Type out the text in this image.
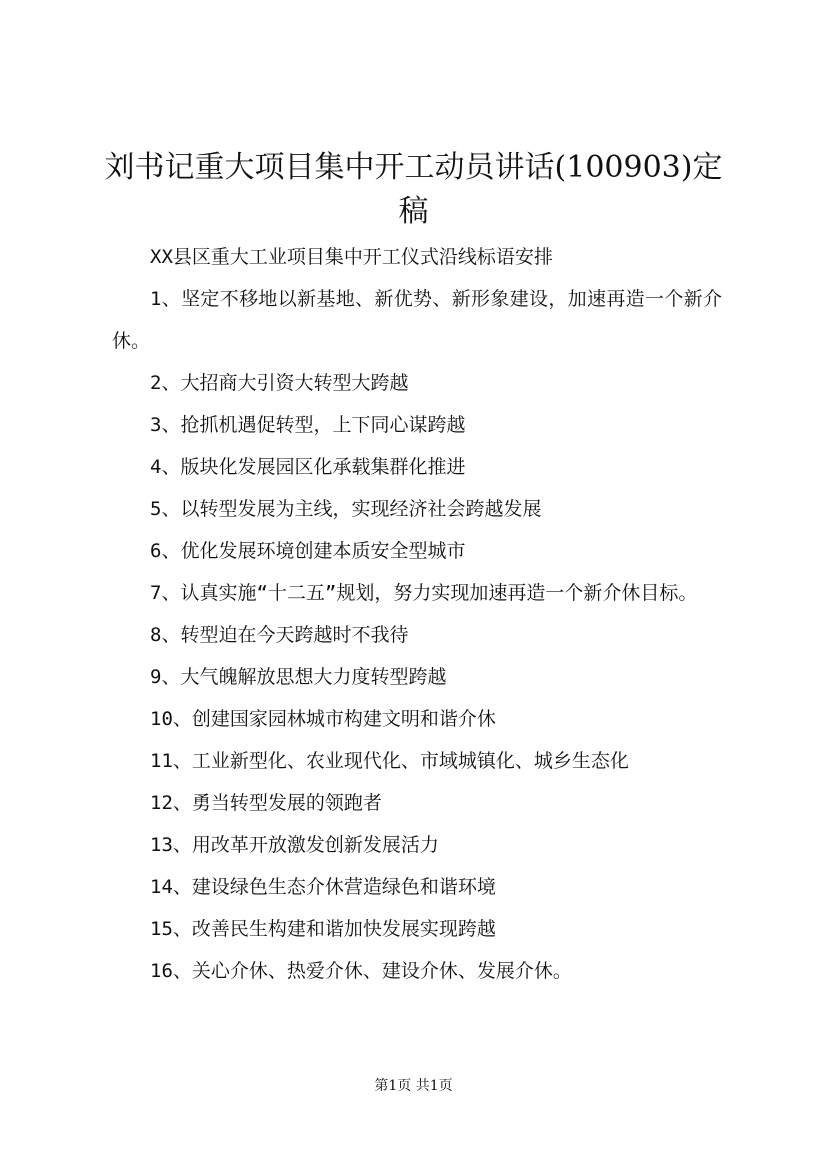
刘书记重大项目集中开工动员讲话(100903)定稿

XX县区重大工业项目集中开工仪式沿线标语安排

1、坚定不移地以新基地、新优势、新形象建设，加速再造一个新介休。

2、大招商大引资大转型大跨越

3、抢抓机遇促转型，上下同心谋跨越

4、版块化发展园区化承载集群化推进

5、以转型发展为主线，实现经济社会跨越发展

6、优化发展环境创建本质安全型城市

7、认真实施“十二五”规划，努力实现加速再造一个新介休目标。

8、转型迫在今天跨越时不我待

9、大气魄解放思想大力度转型跨越

10、创建国家园林城市构建文明和谐介休

11、工业新型化、农业现代化、市域城镇化、城乡生态化

12、勇当转型发展的领跑者

13、用改革开放激发创新发展活力

14、建设绿色生态介休营造绿色和谐环境

15、改善民生构建和谐加快发展实现跨越

16、关心介休、热爱介休、建设介休、发展介休。

第1页 共1页
